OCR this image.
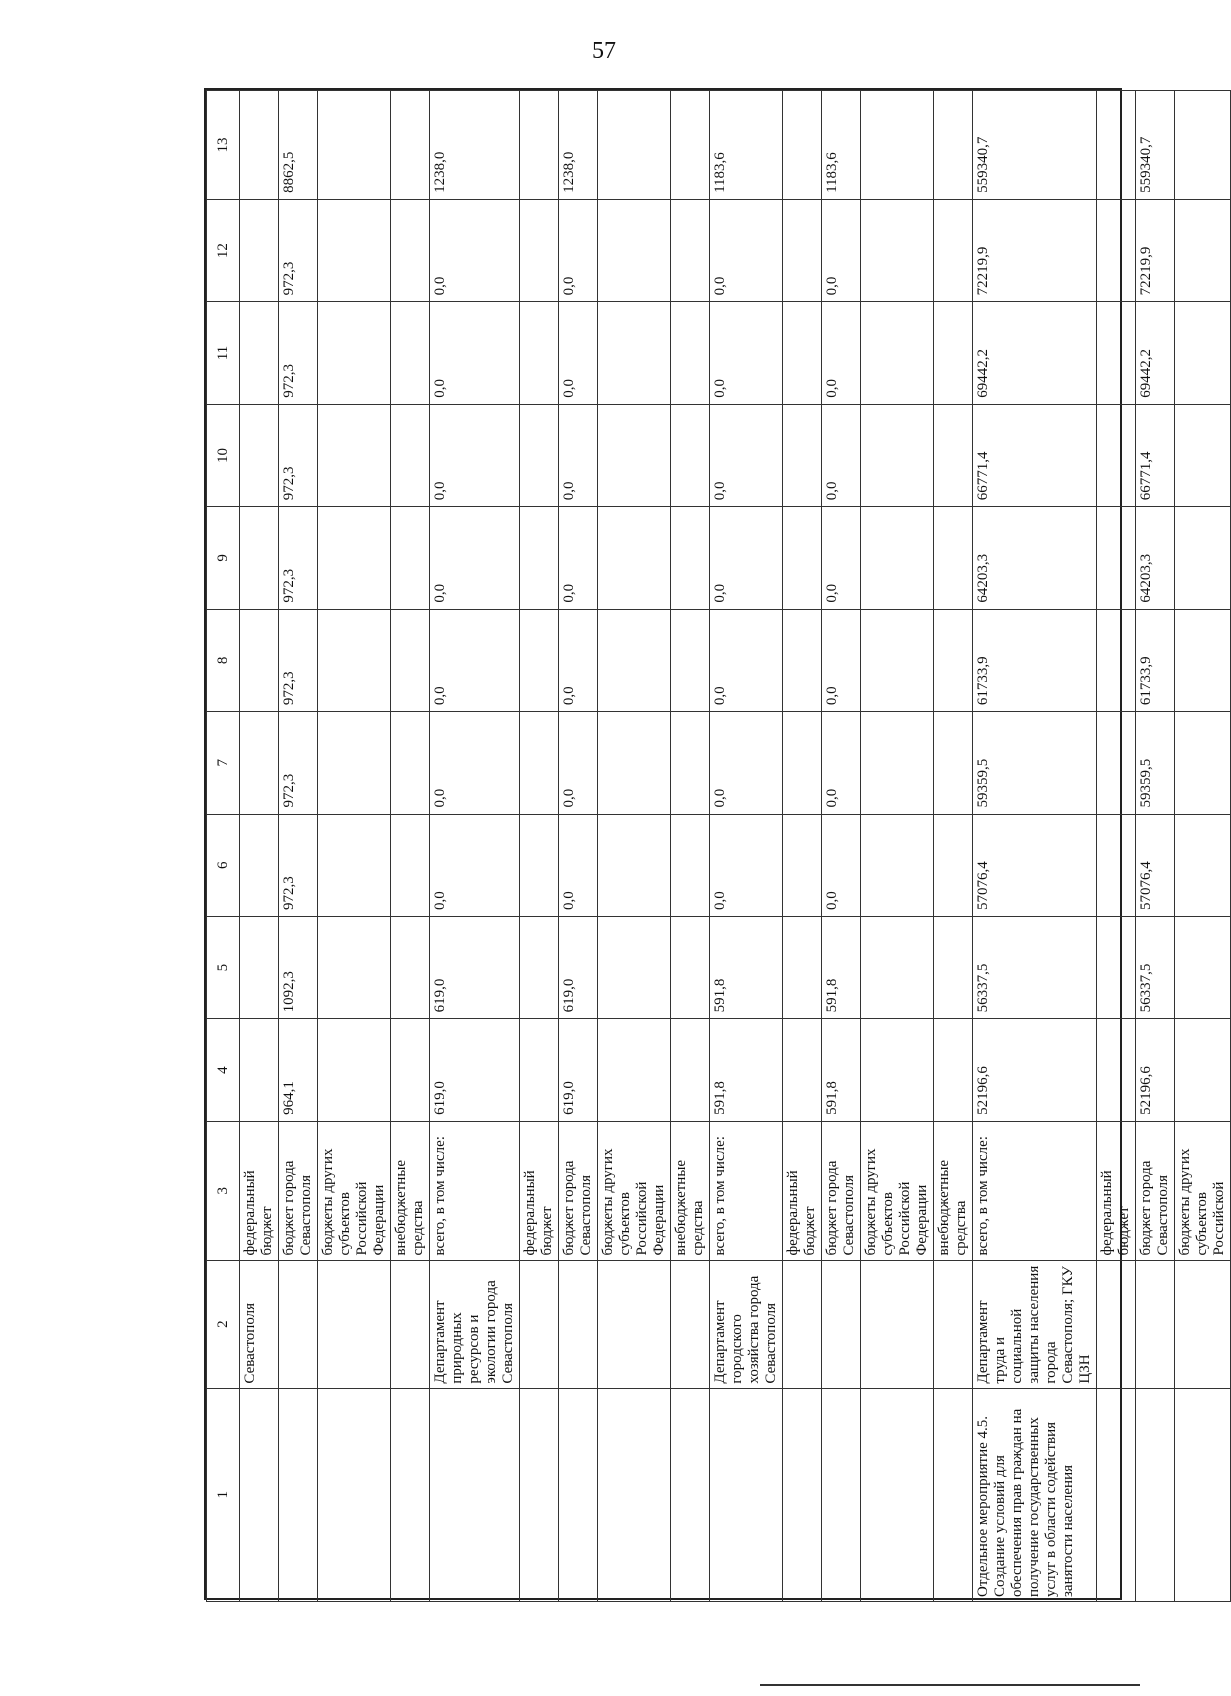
57
1	2	3	4	5	6	7	8	9	10	11	12	13
	Севастополя	федеральный бюджет										
		бюджет города Севастополя	964,1	1092,3	972,3	972,3	972,3	972,3	972,3	972,3	972,3	8862,5
		бюджеты других субъектов Российской Федерации										
		внебюджетные средства										
	Департамент природных ресурсов и экологии города Севастополя	всего, в том числе:	619,0	619,0	0,0	0,0	0,0	0,0	0,0	0,0	0,0	1238,0
		федеральный бюджет										
		бюджет города Севастополя	619,0	619,0	0,0	0,0	0,0	0,0	0,0	0,0	0,0	1238,0
		бюджеты других субъектов Российской Федерации										
		внебюджетные средства										
	Департамент городского хозяйства города Севастополя	всего, в том числе:	591,8	591,8	0,0	0,0	0,0	0,0	0,0	0,0	0,0	1183,6
		федеральный бюджет										
		бюджет города Севастополя	591,8	591,8	0,0	0,0	0,0	0,0	0,0	0,0	0,0	1183,6
		бюджеты других субъектов Российской Федерации										
		внебюджетные средства										
Отдельное мероприятие 4.5. Создание условий для обеспечения прав граждан на получение государственных услуг в области содействия занятости населения	Департамент труда и социальной защиты населения города Севастополя; ГКУ ЦЗН	всего, в том числе:	52196,6	56337,5	57076,4	59359,5	61733,9	64203,3	66771,4	69442,2	72219,9	559340,7
		федеральный бюджет										
		бюджет города Севастополя	52196,6	56337,5	57076,4	59359,5	61733,9	64203,3	66771,4	69442,2	72219,9	559340,7
		бюджеты других субъектов Российской										
